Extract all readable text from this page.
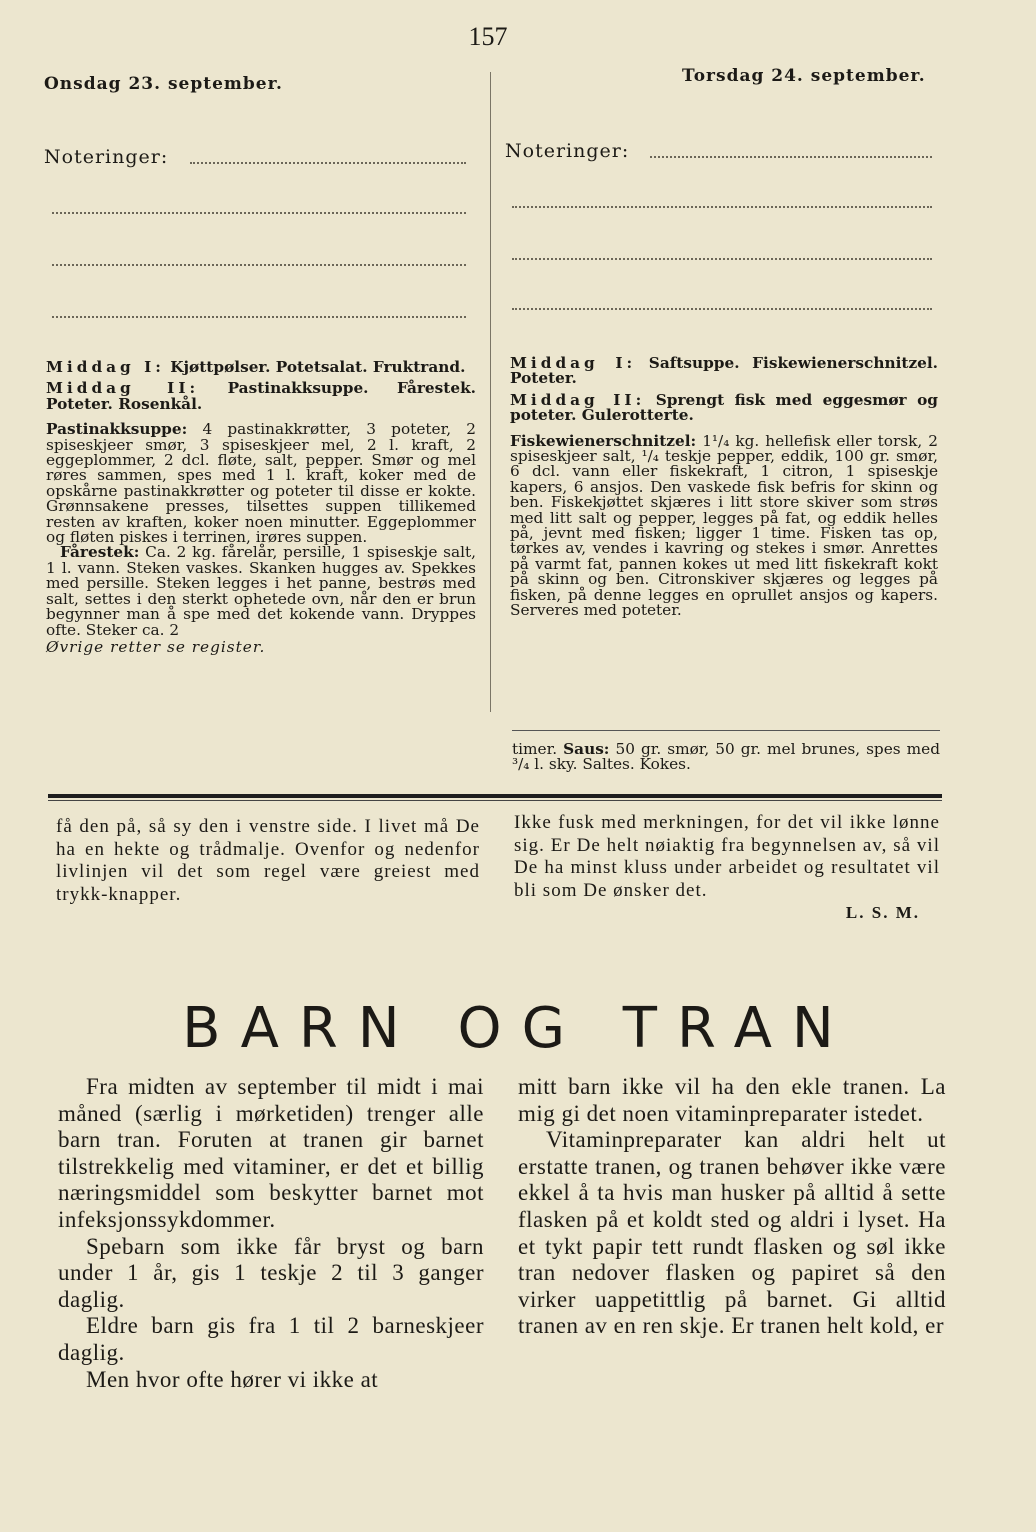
157
Onsdag 23. september.
Noteringer:
Torsdag 24. september.
Noteringer:

Middag I: Kjøttpølser. Potetsalat. Fruktrand.

Middag II: Pastinakksuppe. Fårestek. Poteter. Rosenkål.

Pastinakksuppe: 4 pastinakkrøtter, 3 poteter, 2 spiseskjeer smør, 3 spiseskjeer mel, 2 l. kraft, 2 eggeplommer, 2 dcl. fløte, salt, pepper. Smør og mel røres sammen, spes med 1 l. kraft, koker med de opskårne pastinakkrøtter og poteter til disse er kokte. Grønnsakene presses, tilsettes suppen tillikemed resten av kraften, koker noen minutter. Eggeplommer og fløten piskes i terrinen, irøres suppen.

Fårestek: Ca. 2 kg. fårelår, persille, 1 spiseskje salt, 1 l. vann. Steken vaskes. Skanken hugges av. Spekkes med persille. Steken legges i het panne, bestrøs med salt, settes i den sterkt ophetede ovn, når den er brun begynner man å spe med det kokende vann. Dryppes ofte. Steker ca. 2

Øvrige retter se register.

Middag I: Saftsuppe. Fiskewienerschnitzel. Poteter.

Middag II: Sprengt fisk med eggesmør og poteter. Gulerotterte.

Fiskewienerschnitzel: 1¹/₄ kg. hellefisk eller torsk, 2 spiseskjeer salt, ¹/₄ teskje pepper, eddik, 100 gr. smør, 6 dcl. vann eller fiskekraft, 1 citron, 1 spiseskje kapers, 6 ansjos. Den vaskede fisk befris for skinn og ben. Fiskekjøttet skjæres i litt store skiver som strøs med litt salt og pepper, legges på fat, og eddik helles på, jevnt med fisken; ligger 1 time. Fisken tas op, tørkes av, vendes i kavring og stekes i smør. Anrettes på varmt fat, pannen kokes ut med litt fiskekraft kokt på skinn og ben. Citronskiver skjæres og legges på fisken, på denne legges en oprullet ansjos og kapers. Serveres med poteter.

timer. Saus: 50 gr. smør, 50 gr. mel brunes, spes med ³/₄ l. sky. Saltes. Kokes.

få den på, så sy den i venstre side. I livet må De ha en hekte og trådmalje. Ovenfor og nedenfor livlinjen vil det som regel være greiest med trykk-knapper.

Ikke fusk med merkningen, for det vil ikke lønne sig. Er De helt nøiaktig fra begynnelsen av, så vil De ha minst kluss under arbeidet og resultatet vil bli som De ønsker det.

L. S. M.

BARN OG TRAN

Fra midten av september til midt i mai måned (særlig i mørketiden) trenger alle barn tran. Foruten at tranen gir barnet tilstrekkelig med vitaminer, er det et billig næringsmiddel som beskytter barnet mot infeksjonssykdommer.

Spebarn som ikke får bryst og barn under 1 år, gis 1 teskje 2 til 3 ganger daglig.

Eldre barn gis fra 1 til 2 barneskjeer daglig.

Men hvor ofte hører vi ikke at

mitt barn ikke vil ha den ekle tranen. La mig gi det noen vitaminpreparater istedet.

Vitaminpreparater kan aldri helt ut erstatte tranen, og tranen behøver ikke være ekkel å ta hvis man husker på alltid å sette flasken på et koldt sted og aldri i lyset. Ha et tykt papir tett rundt flasken og søl ikke tran nedover flasken og papiret så den virker uappetittlig på barnet. Gi alltid tranen av en ren skje. Er tranen helt kold, er
